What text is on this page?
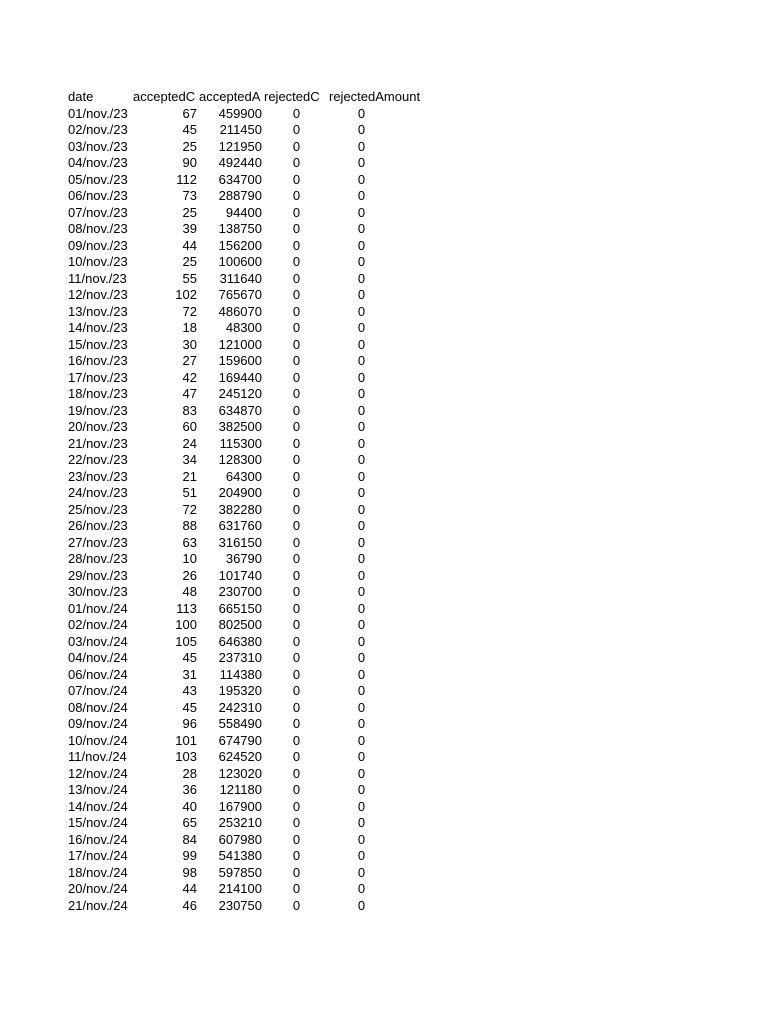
date	acceptedC acceptedA rejectedC rejectedAmount
01/nov./23	67	459900	0	0
02/nov./23	45	211450	0	0
03/nov./23	25	121950	0	0
04/nov./23	90	492440	0	0
05/nov./23	112	634700	0	0
06/nov./23	73	288790	0	0
07/nov./23	25	94400	0	0
08/nov./23	39	138750	0	0
09/nov./23	44	156200	0	0
10/nov./23	25	100600	0	0
11/nov./23	55	311640	0	0
12/nov./23	102	765670	0	0
13/nov./23	72	486070	0	0
14/nov./23	18	48300	0	0
15/nov./23	30	121000	0	0
16/nov./23	27	159600	0	0
17/nov./23	42	169440	0	0
18/nov./23	47	245120	0	0
19/nov./23	83	634870	0	0
20/nov./23	60	382500	0	0
21/nov./23	24	115300	0	0
22/nov./23	34	128300	0	0
23/nov./23	21	64300	0	0
24/nov./23	51	204900	0	0
25/nov./23	72	382280	0	0
26/nov./23	88	631760	0	0
27/nov./23	63	316150	0	0
28/nov./23	10	36790	0	0
29/nov./23	26	101740	0	0
30/nov./23	48	230700	0	0
01/nov./24	113	665150	0	0
02/nov./24	100	802500	0	0
03/nov./24	105	646380	0	0
04/nov./24	45	237310	0	0
06/nov./24	31	114380	0	0
07/nov./24	43	195320	0	0
08/nov./24	45	242310	0	0
09/nov./24	96	558490	0	0
10/nov./24	101	674790	0	0
11/nov./24	103	624520	0	0
12/nov./24	28	123020	0	0
13/nov./24	36	121180	0	0
14/nov./24	40	167900	0	0
15/nov./24	65	253210	0	0
16/nov./24	84	607980	0	0
17/nov./24	99	541380	0	0
18/nov./24	98	597850	0	0
20/nov./24	44	214100	0	0
21/nov./24	46	230750	0	0
